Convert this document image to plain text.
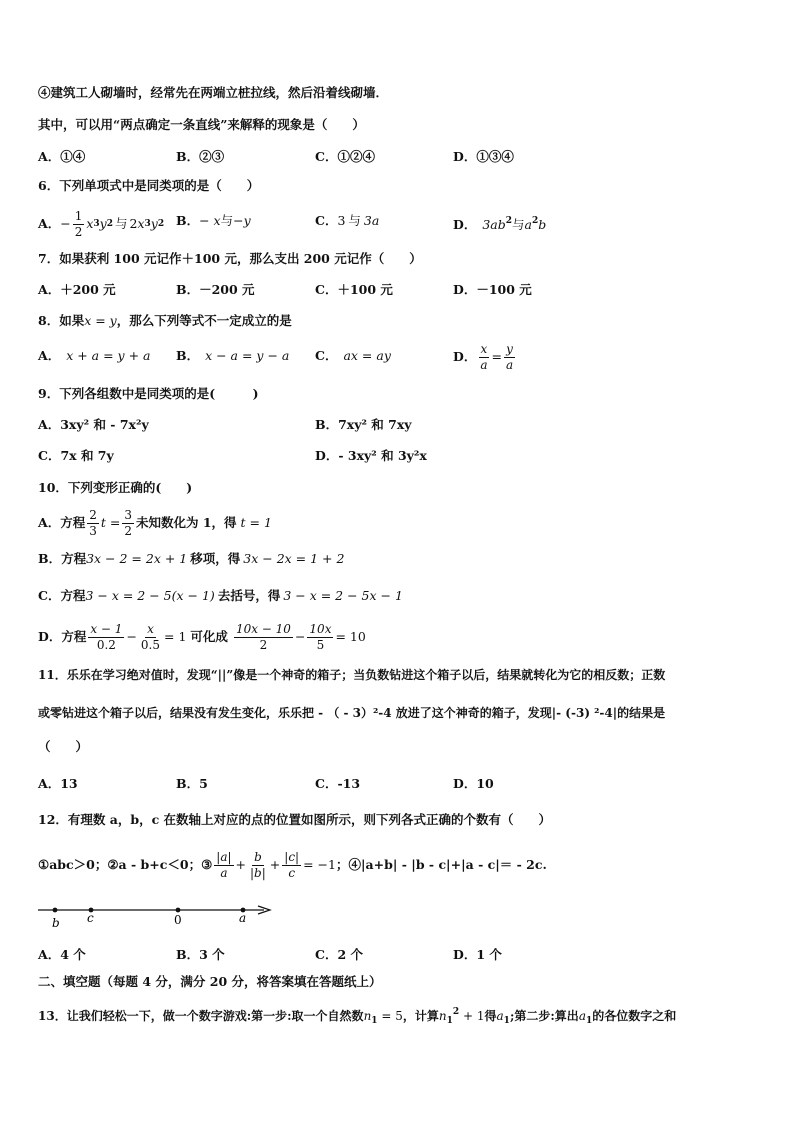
④建筑工人砌墙时，经常先在两端立桩拉线，然后沿着线砌墙．
其中，可以用“两点确定一条直线”来解释的现象是（　　）
A．①④	B．②③	C．①②④	D．①③④
6．下列单项式中是同类项的是（　　）
A． − $\frac{1}{2}$ x 3 y 2 与 2 x 3 y 2 B．− x与−y	C．3 与 3a	D． $3ab^2$与$a^2b$
7．如果获利 100 元记作＋100 元，那么支出 200 元记作（　　）
A．＋200 元	B．－200 元	C．＋100 元	D．－100 元
8．如果x = y，那么下列等式不一定成立的是
A． x + a = y + a B． x − a = y − a C． ax = ay	D． $\frac{x}{a} = \frac{y}{a}$
9．下列各组数中是同类项的是(　　　)
A．3xy² 和 - 7x²y	B．7xy² 和 7xy
C．7x 和 7y	D．- 3xy² 和 3y²x
10．下列变形正确的(　　)
A．方程 $\frac{2}{3}$ $t = \frac{3}{2}$ 未知数化为 1，得 t = 1
B．方程3x − 2 = 2x + 1 移项，得 3x − 2x = 1 + 2
C．方程3 − x = 2 − 5(x − 1) 去括号，得 3 − x = 2 − 5x − 1
D．方程 $\frac{x - 1}{0.2} - \frac{x}{0.5} = 1$ 可化成 $\frac{10x - 10}{2} - \frac{10x}{5} = 10$
11．乐乐在学习绝对值时，发现“||”像是一个神奇的箱子；当负数钻进这个箱子以后，结果就转化为它的相反数；正数
或零钻进这个箱子以后，结果没有发生变化，乐乐把 - （ - 3）²-4 放进了这个神奇的箱子，发现|- (-3) ²-4|的结果是
（　　）
A．13	B．5	C．-13	D．10
12．有理数 a，b，c 在数轴上对应的点的位置如图所示，则下列各式正确的个数有（　　）
①abc＞0；②a - b+c＜0；③ $\frac{|a|}{a} + \frac{b}{|b|} + \frac{|c|}{c} = -1$ ；④|a+b| - |b - c|+|a - c|＝ - 2c.
b c	0	a
A．4 个	B．3 个	C．2 个	D．1 个
二、填空题（每题 4 分，满分 20 分，将答案填在答题纸上）
13．让我们轻松一下，做一个数字游戏:第一步:取一个自然数$n_1 = 5$，计算$n_1^2 + 1$得$a_1$;第二步:算出$a_1$的各位数字之和
